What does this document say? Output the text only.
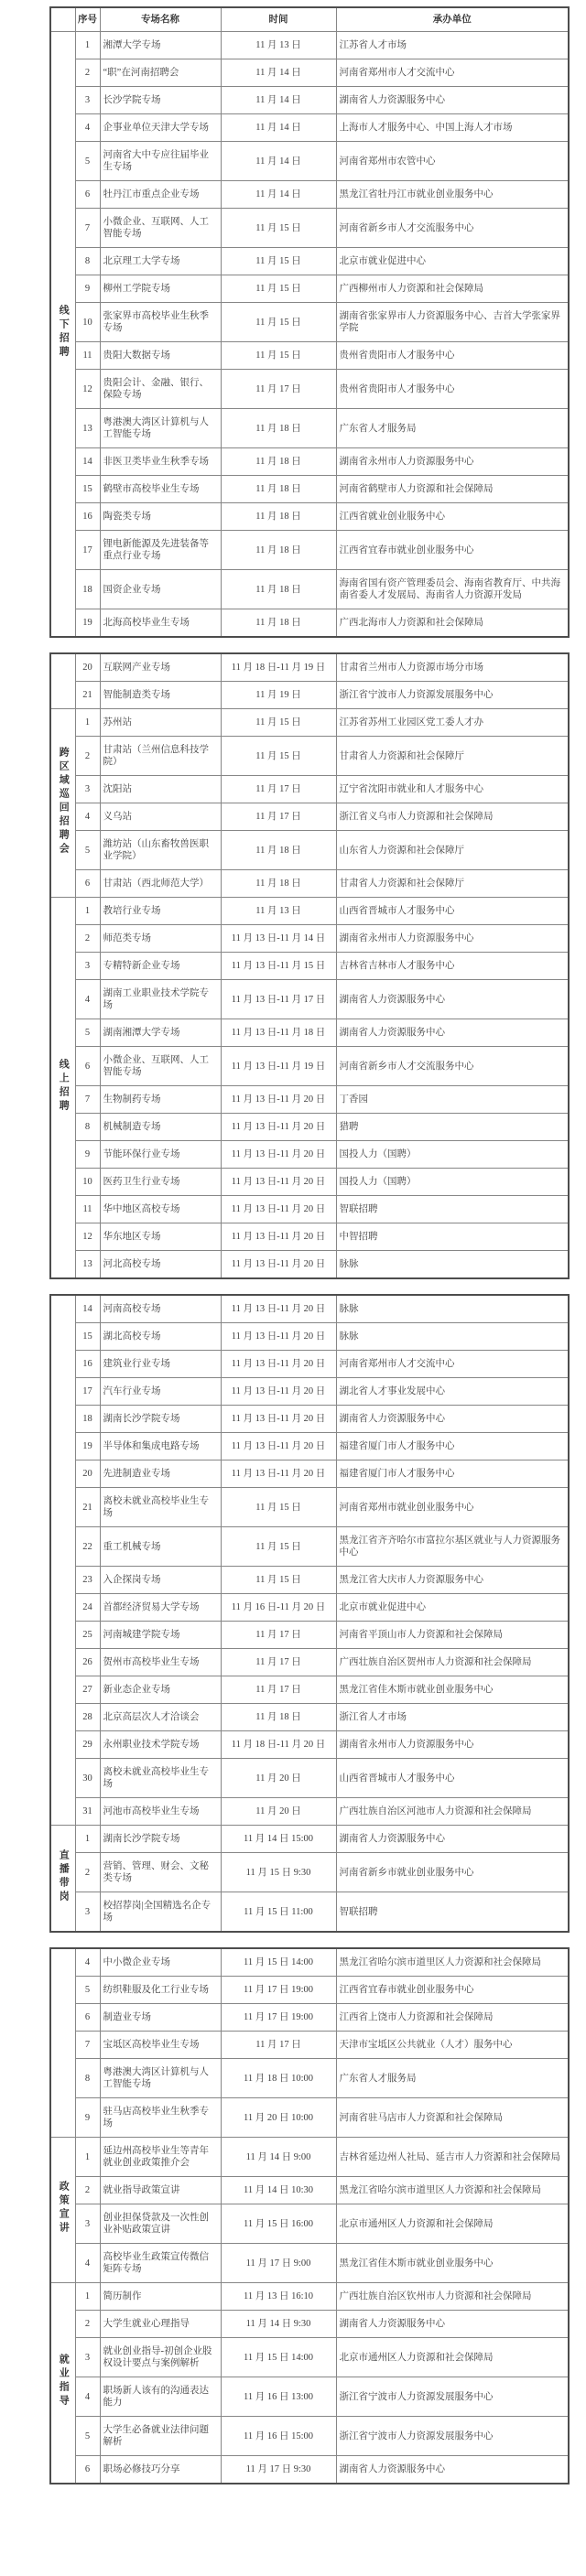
	序号	专场名称	时间	承办单位
线下招聘	1	湘潭大学专场	11 月 13 日	江苏省人才市场
	2	“职”在河南招聘会	11 月 14 日	河南省郑州市人才交流中心
	3	长沙学院专场	11 月 14 日	湖南省人力资源服务中心
	4	企事业单位天津大学专场	11 月 14 日	上海市人才服务中心、中国上海人才市场
	5	河南省大中专应往届毕业生专场	11 月 14 日	河南省郑州市农管中心
	6	牡丹江市重点企业专场	11 月 14 日	黑龙江省牡丹江市就业创业服务中心
	7	小微企业、互联网、人工智能专场	11 月 15 日	河南省新乡市人才交流服务中心
	8	北京理工大学专场	11 月 15 日	北京市就业促进中心
	9	柳州工学院专场	11 月 15 日	广西柳州市人力资源和社会保障局
	10	张家界市高校毕业生秋季专场	11 月 15 日	湖南省张家界市人力资源服务中心、吉首大学张家界学院
	11	贵阳大数据专场	11 月 15 日	贵州省贵阳市人才服务中心
	12	贵阳会计、金融、银行、保险专场	11 月 17 日	贵州省贵阳市人才服务中心
	13	粤港澳大湾区计算机与人工智能专场	11 月 18 日	广东省人才服务局
	14	非医卫类毕业生秋季专场	11 月 18 日	湖南省永州市人力资源服务中心
	15	鹤壁市高校毕业生专场	11 月 18 日	河南省鹤壁市人力资源和社会保障局
	16	陶瓷类专场	11 月 18 日	江西省就业创业服务中心
	17	锂电新能源及先进装备等重点行业专场	11 月 18 日	江西省宜春市就业创业服务中心
	18	国资企业专场	11 月 18 日	海南省国有资产管理委员会、海南省教育厅、中共海南省委人才发展局、海南省人力资源开发局
	19	北海高校毕业生专场	11 月 18 日	广西北海市人力资源和社会保障局
	20	互联网产业专场	11 月 18 日-11 月 19 日	甘肃省兰州市人力资源市场分市场
	21	智能制造类专场	11 月 19 日	浙江省宁波市人力资源发展服务中心
跨区域巡回招聘会	1	苏州站	11 月 15 日	江苏省苏州工业园区党工委人才办
	2	甘肃站（兰州信息科技学院）	11 月 15 日	甘肃省人力资源和社会保障厅
	3	沈阳站	11 月 17 日	辽宁省沈阳市就业和人才服务中心
	4	义乌站	11 月 17 日	浙江省义乌市人力资源和社会保障局
	5	潍坊站（山东畜牧兽医职业学院）	11 月 18 日	山东省人力资源和社会保障厅
	6	甘肃站（西北师范大学）	11 月 18 日	甘肃省人力资源和社会保障厅
线上招聘	1	教培行业专场	11 月 13 日	山西省晋城市人才服务中心
	2	师范类专场	11 月 13 日-11 月 14 日	湖南省永州市人力资源服务中心
	3	专精特新企业专场	11 月 13 日-11 月 15 日	吉林省吉林市人才服务中心
	4	湖南工业职业技术学院专场	11 月 13 日-11 月 17 日	湖南省人力资源服务中心
	5	湖南湘潭大学专场	11 月 13 日-11 月 18 日	湖南省人力资源服务中心
	6	小微企业、互联网、人工智能专场	11 月 13 日-11 月 19 日	河南省新乡市人才交流服务中心
	7	生物制药专场	11 月 13 日-11 月 20 日	丁香园
	8	机械制造专场	11 月 13 日-11 月 20 日	猎聘
	9	节能环保行业专场	11 月 13 日-11 月 20 日	国投人力（国聘）
	10	医药卫生行业专场	11 月 13 日-11 月 20 日	国投人力（国聘）
	11	华中地区高校专场	11 月 13 日-11 月 20 日	智联招聘
	12	华东地区专场	11 月 13 日-11 月 20 日	中智招聘
	13	河北高校专场	11 月 13 日-11 月 20 日	脉脉
	14	河南高校专场	11 月 13 日-11 月 20 日	脉脉
	15	湖北高校专场	11 月 13 日-11 月 20 日	脉脉
	16	建筑业行业专场	11 月 13 日-11 月 20 日	河南省郑州市人才交流中心
	17	汽车行业专场	11 月 13 日-11 月 20 日	湖北省人才事业发展中心
	18	湖南长沙学院专场	11 月 13 日-11 月 20 日	湖南省人力资源服务中心
	19	半导体和集成电路专场	11 月 13 日-11 月 20 日	福建省厦门市人才服务中心
	20	先进制造业专场	11 月 13 日-11 月 20 日	福建省厦门市人才服务中心
	21	离校未就业高校毕业生专场	11 月 15 日	河南省郑州市就业创业服务中心
	22	重工机械专场	11 月 15 日	黑龙江省齐齐哈尔市富拉尔基区就业与人力资源服务中心
	23	入企探岗专场	11 月 15 日	黑龙江省大庆市人力资源服务中心
	24	首都经济贸易大学专场	11 月 16 日-11 月 20 日	北京市就业促进中心
	25	河南城建学院专场	11 月 17 日	河南省平顶山市人力资源和社会保障局
	26	贺州市高校毕业生专场	11 月 17 日	广西壮族自治区贺州市人力资源和社会保障局
	27	新业态企业专场	11 月 17 日	黑龙江省佳木斯市就业创业服务中心
	28	北京高层次人才洽谈会	11 月 18 日	浙江省人才市场
	29	永州职业技术学院专场	11 月 18 日-11 月 20 日	湖南省永州市人力资源服务中心
	30	离校未就业高校毕业生专场	11 月 20 日	山西省晋城市人才服务中心
	31	河池市高校毕业生专场	11 月 20 日	广西壮族自治区河池市人力资源和社会保障局
直播带岗	1	湖南长沙学院专场	11 月 14 日 15:00	湖南省人力资源服务中心
	2	营销、管理、财会、文秘类专场	11 月 15 日 9:30	河南省新乡市就业创业服务中心
	3	校招荐岗|全国精选名企专场	11 月 15 日 11:00	智联招聘
	4	中小微企业专场	11 月 15 日 14:00	黑龙江省哈尔滨市道里区人力资源和社会保障局
	5	纺织鞋服及化工行业专场	11 月 17 日 19:00	江西省宜春市就业创业服务中心
	6	制造业专场	11 月 17 日 19:00	江西省上饶市人力资源和社会保障局
	7	宝坻区高校毕业生专场	11 月 17 日	天津市宝坻区公共就业（人才）服务中心
	8	粤港澳大湾区计算机与人工智能专场	11 月 18 日 10:00	广东省人才服务局
	9	驻马店高校毕业生秋季专场	11 月 20 日 10:00	河南省驻马店市人力资源和社会保障局
政策宣讲	1	延边州高校毕业生等青年就业创业政策推介会	11 月 14 日 9:00	吉林省延边州人社局、延吉市人力资源和社会保障局
	2	就业指导政策宣讲	11 月 14 日 10:30	黑龙江省哈尔滨市道里区人力资源和社会保障局
	3	创业担保贷款及一次性创业补贴政策宣讲	11 月 15 日 16:00	北京市通州区人力资源和社会保障局
	4	高校毕业生政策宣传微信矩阵专场	11 月 17 日 9:00	黑龙江省佳木斯市就业创业服务中心
就业指导	1	简历制作	11 月 13 日 16:10	广西壮族自治区钦州市人力资源和社会保障局
	2	大学生就业心理指导	11 月 14 日 9:30	湖南省人力资源服务中心
	3	就业创业指导-初创企业股权设计要点与案例解析	11 月 15 日 14:00	北京市通州区人力资源和社会保障局
	4	职场新人该有的沟通表达能力	11 月 16 日 13:00	浙江省宁波市人力资源发展服务中心
	5	大学生必备就业法律问题解析	11 月 16 日 15:00	浙江省宁波市人力资源发展服务中心
	6	职场必修技巧分享	11 月 17 日 9:30	湖南省人力资源服务中心
